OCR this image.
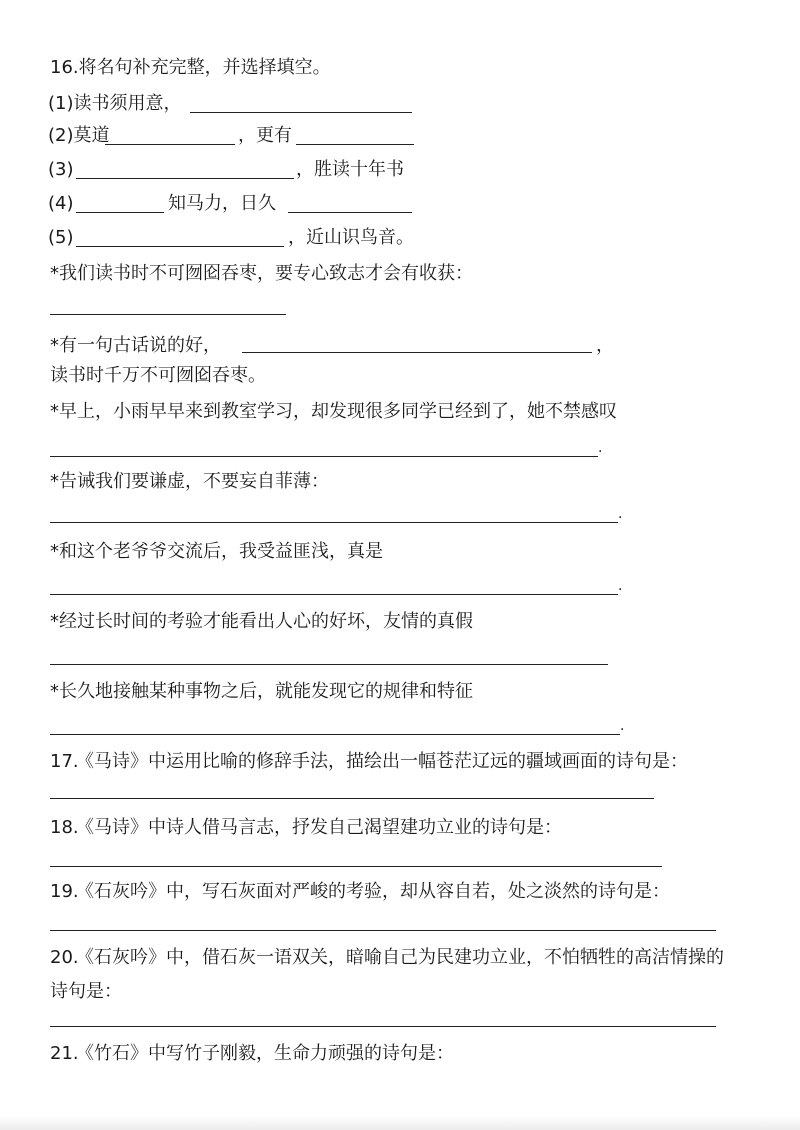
16.将名句补充完整，并选择填空。
(1)读书须用意，
(2)莫道	，更有
(3)	，胜读十年书
(4)	知马力，日久
(5)	，近山识鸟音。
*我们读书时不可囫囵吞枣，要专心致志才会有收获：
*有一句古话说的好，	，
读书时千万不可囫囵吞枣。
*早上，小雨早早来到教室学习，却发现很多同学已经到了，她不禁感叹
.
*告诫我们要谦虚，不要妄自菲薄：
.
*和这个老爷爷交流后，我受益匪浅，真是
.
*经过长时间的考验才能看出人心的好坏，友情的真假
*长久地接触某种事物之后，就能发现它的规律和特征
.
17.
《马诗》中运用比喻的修辞手法，描绘出一幅苍茫辽远的疆域画面的诗句是：
18.
《马诗》中诗人借马言志，抒发自己渴望建功立业的诗句是：
19.
《石灰吟》中，写石灰面对严峻的考验，却从容自若，处之淡然的诗句是：
20.
《石灰吟》中，借石灰一语双关，暗喻自己为民建功立业，不怕牺牲的高洁情操的
诗句是：
21.
《竹石》中写竹子刚毅，生命力顽强的诗句是：
